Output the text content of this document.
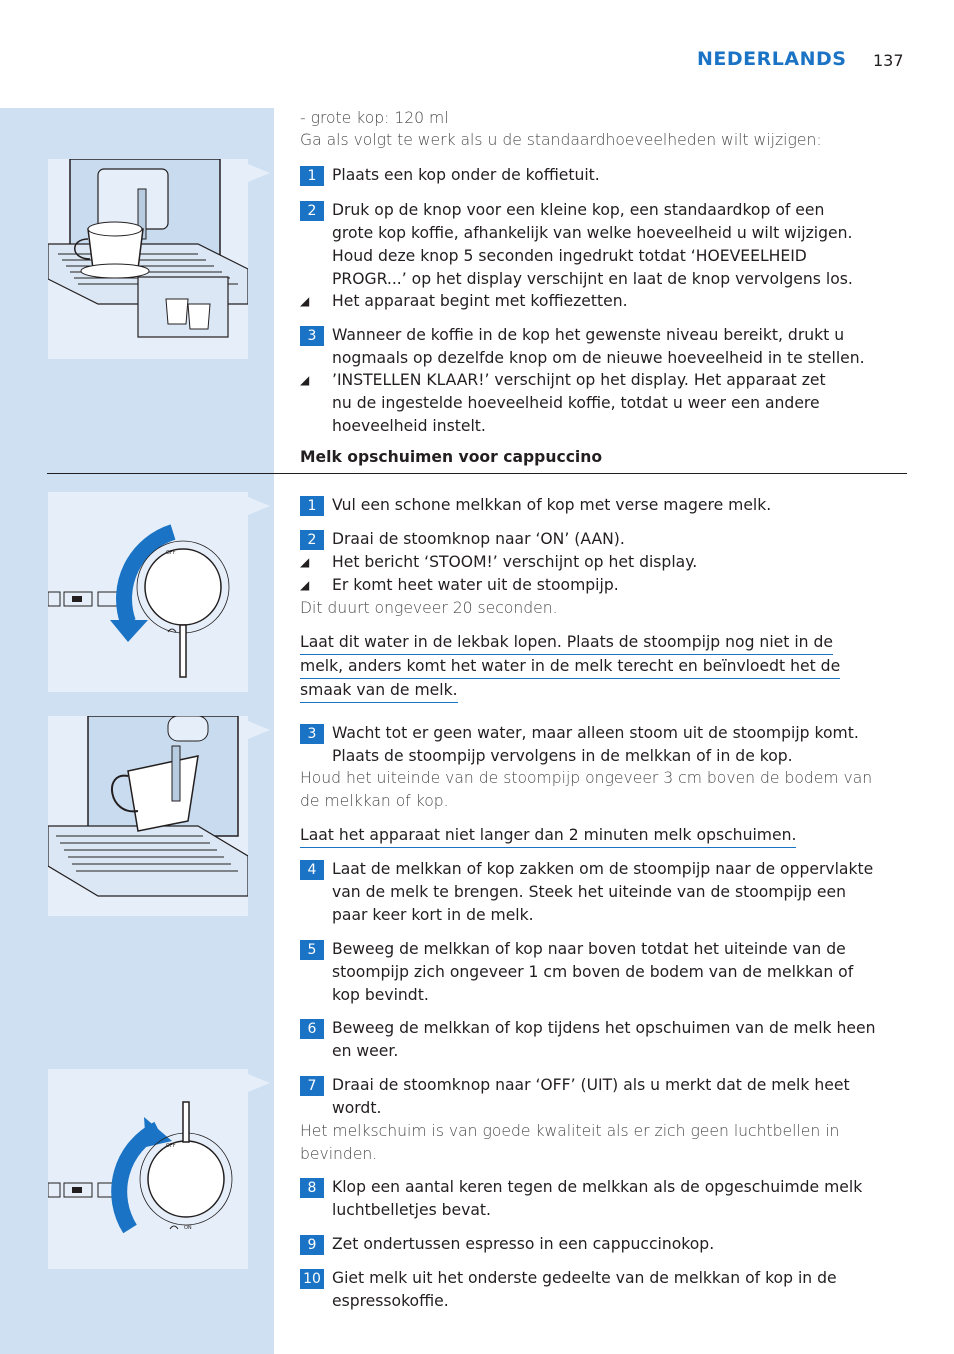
NEDERLANDS 137
OFF
OFF
ON
- grote kop: 120 ml
Ga als volgt te werk als u de standaardhoeveelheden wilt wijzigen:
1 Plaats een kop onder de koffietuit.
2 Druk op de knop voor een kleine kop, een standaardkop of een
grote kop koffie, afhankelijk van welke hoeveelheid u wilt wijzigen.
Houd deze knop 5 seconden ingedrukt totdat ‘HOEVEELHEID
PROGR...’ op het display verschijnt en laat de knop vervolgens los.
◢ Het apparaat begint met koffiezetten.
3 Wanneer de koffie in de kop het gewenste niveau bereikt, drukt u
nogmaals op dezelfde knop om de nieuwe hoeveelheid in te stellen.
◢ ’INSTELLEN KLAAR!’ verschijnt op het display. Het apparaat zet
nu de ingestelde hoeveelheid koffie, totdat u weer een andere
hoeveelheid instelt.
Melk opschuimen voor cappuccino
1 Vul een schone melkkan of kop met verse magere melk.
2 Draai de stoomknop naar ‘ON’ (AAN).
◢ Het bericht ‘STOOM!’ verschijnt op het display.
◢ Er komt heet water uit de stoompijp.
Dit duurt ongeveer 20 seconden.
Laat dit water in de lekbak lopen. Plaats de stoompijp nog niet in de
melk, anders komt het water in de melk terecht en beïnvloedt het de
smaak van de melk.
3 Wacht tot er geen water, maar alleen stoom uit de stoompijp komt.
Plaats de stoompijp vervolgens in de melkkan of in de kop.
Houd het uiteinde van de stoompijp ongeveer 3 cm boven de bodem van
de melkkan of kop.
Laat het apparaat niet langer dan 2 minuten melk opschuimen.
4 Laat de melkkan of kop zakken om de stoompijp naar de oppervlakte
van de melk te brengen. Steek het uiteinde van de stoompijp een
paar keer kort in de melk.
5 Beweeg de melkkan of kop naar boven totdat het uiteinde van de
stoompijp zich ongeveer 1 cm boven de bodem van de melkkan of
kop bevindt.
6 Beweeg de melkkan of kop tijdens het opschuimen van de melk heen
en weer.
7 Draai de stoomknop naar ‘OFF’ (UIT) als u merkt dat de melk heet
wordt.
Het melkschuim is van goede kwaliteit als er zich geen luchtbellen in
bevinden.
8 Klop een aantal keren tegen de melkkan als de opgeschuimde melk
luchtbelletjes bevat.
9 Zet ondertussen espresso in een cappuccinokop.
10 Giet melk uit het onderste gedeelte van de melkkan of kop in de
espressokoffie.
